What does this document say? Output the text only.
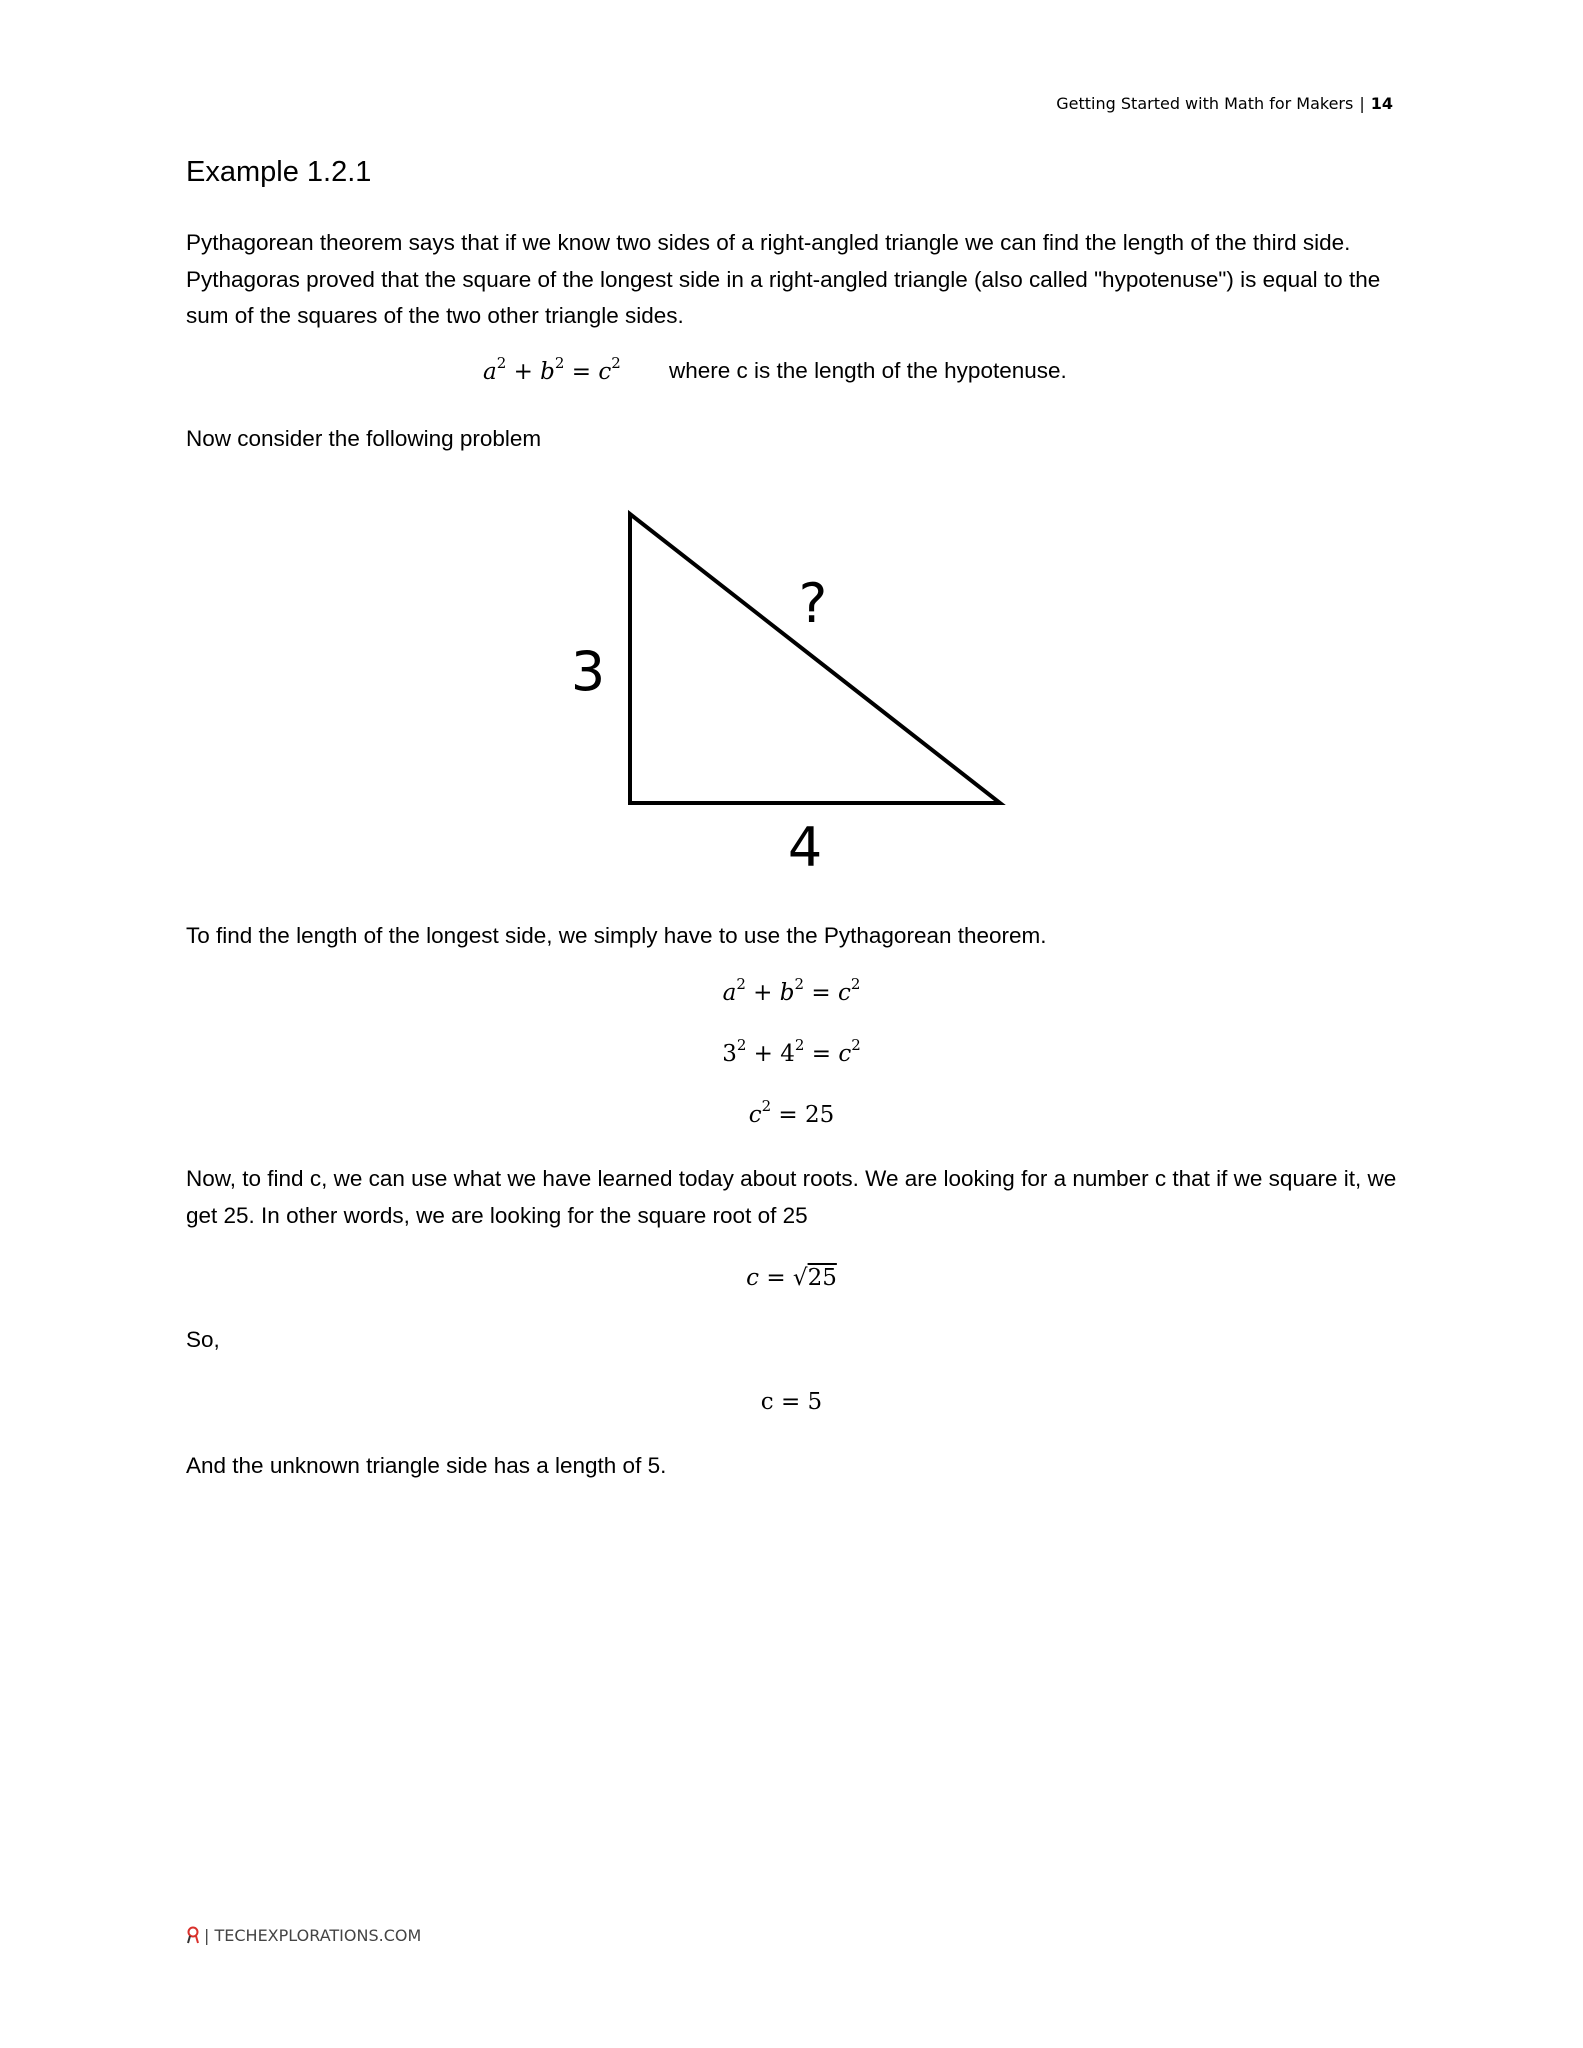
Getting Started with Math for Makers | 14
Example 1.2.1
Pythagorean theorem says that if we know two sides of a right-angled triangle we can find the length of the third side. Pythagoras proved that the square of the longest side in a right-angled triangle (also called "hypotenuse") is equal to the sum of the squares of the two other triangle sides.
$a^2 + b^2 = c^2$ where c is the length of the hypotenuse.
Now consider the following problem
3
4
?
To find the length of the longest side, we simply have to use the Pythagorean theorem.
$a^2 + b^2 = c^2$
$3^2 + 4^2 = c^2$
$c^2 = 25$
Now, to find c, we can use what we have learned today about roots. We are looking for a number c that if we square it, we get 25. In other words, we are looking for the square root of 25
c = √25
So,
c = 5
And the unknown triangle side has a length of 5.
| TECHEXPLORATIONS.COM
